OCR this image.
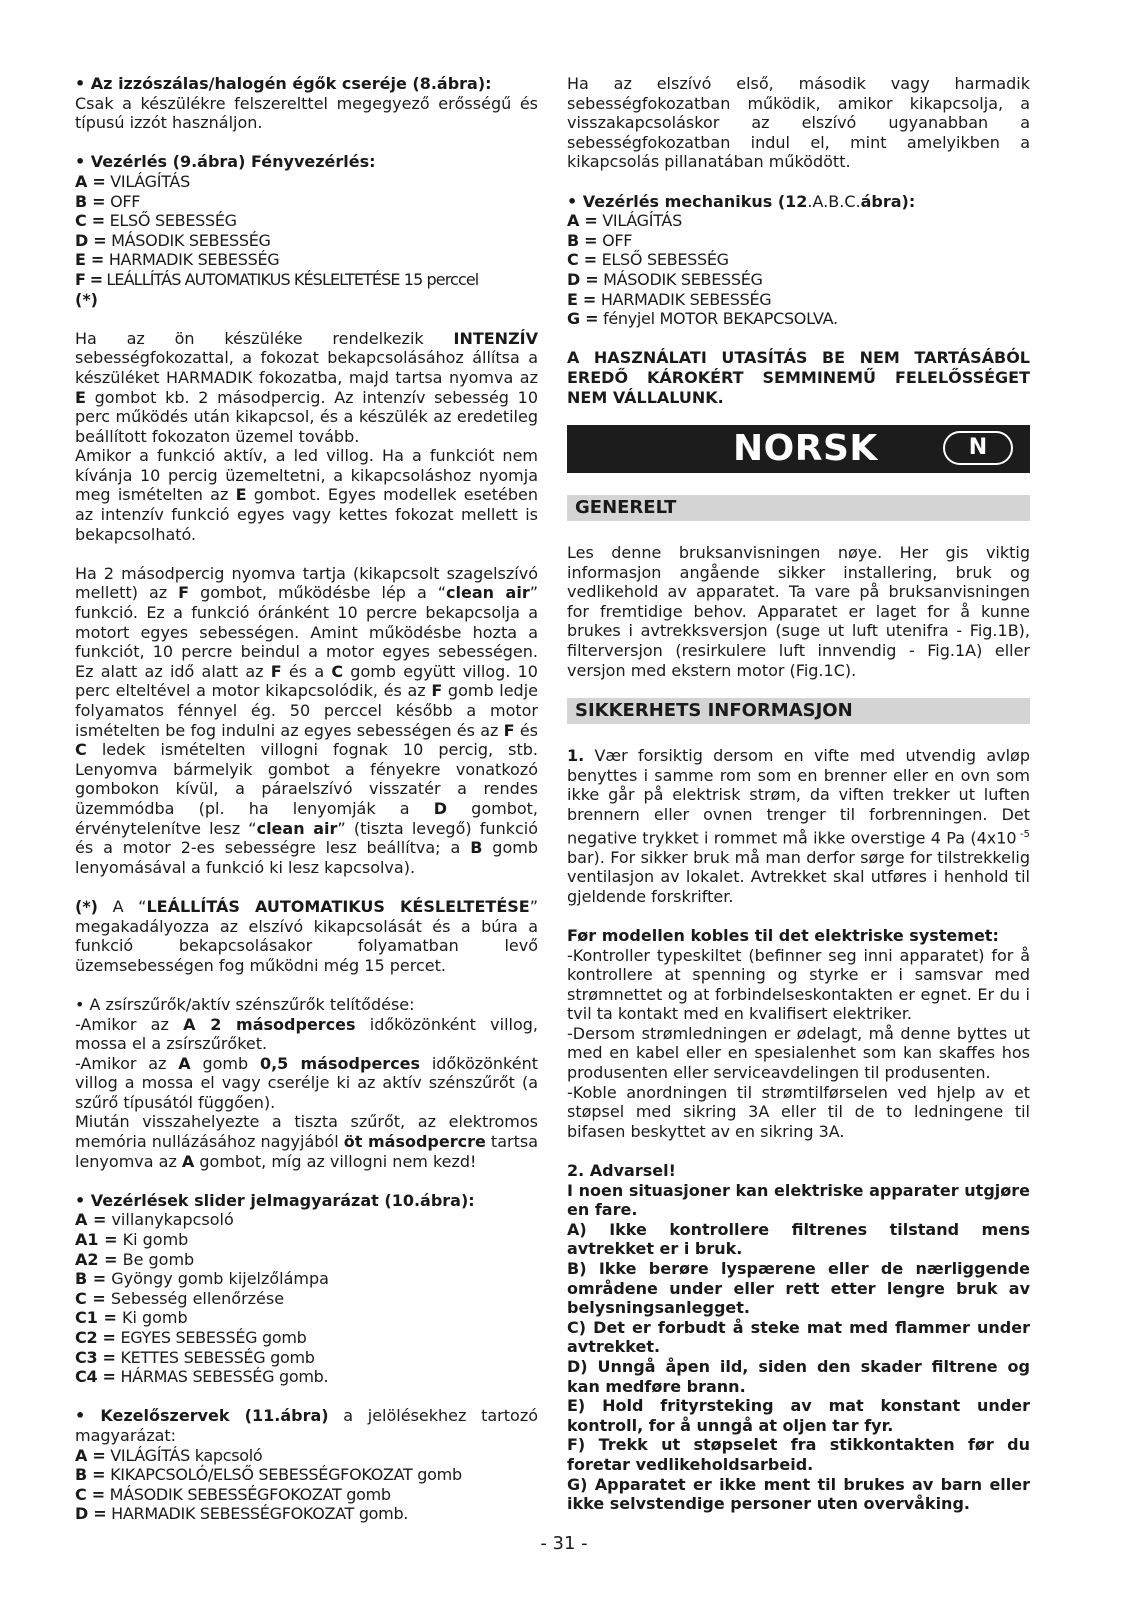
• Az izzószálas/halogén égők cseréje (8.ábra):

Csak a készülékre felszerelttel megegyező erősségű és típusú izzót használjon.

• Vezérlés (9.ábra) Fényvezérlés:

A = VILÁGÍTÁS

B = OFF

C = ELSŐ SEBESSÉG

D = MÁSODIK SEBESSÉG

E = HARMADIK SEBESSÉG

F = LEÁLLÍTÁS AUTOMATIKUS KÉSLELTETÉSE 15 perccel

(*)

Ha az ön készüléke rendelkezik INTENZÍV sebességfokozattal, a fokozat bekapcsolásához állítsa a készüléket HARMADIK fokozatba, majd tartsa nyomva az E gombot kb. 2 másodpercig. Az intenzív sebesség 10 perc működés után kikapcsol, és a készülék az eredetileg beállított fokozaton üzemel tovább.

Amikor a funkció aktív, a led villog. Ha a funkciót nem kívánja 10 percig üzemeltetni, a kikapcsoláshoz nyomja meg ismételten az E gombot. Egyes modellek esetében az intenzív funkció egyes vagy kettes fokozat mellett is bekapcsolható.

Ha 2 másodpercig nyomva tartja (kikapcsolt szagelszívó mellett) az F gombot, működésbe lép a “clean air” funkció. Ez a funkció óránként 10 percre bekapcsolja a motort egyes sebességen. Amint működésbe hozta a funkciót, 10 percre beindul a motor egyes sebességen. Ez alatt az idő alatt az F és a C gomb együtt villog. 10 perc elteltével a motor kikapcsolódik, és az F gomb ledje folyamatos fénnyel ég. 50 perccel később a motor ismételten be fog indulni az egyes sebességen és az F és C ledek ismételten villogni fognak 10 percig, stb. Lenyomva bármelyik gombot a fényekre vonatkozó gombokon kívül, a páraelszívó visszatér a rendes üzemmódba (pl. ha lenyomják a D gombot, érvénytelenítve lesz “clean air” (tiszta levegő) funkció és a motor 2-es sebességre lesz beállítva; a B gomb lenyomásával a funkció ki lesz kapcsolva).

(*) A “LEÁLLÍTÁS AUTOMATIKUS KÉSLELTETÉSE” megakadályozza az elszívó kikapcsolását és a búra a funkció bekapcsolásakor folyamatban levő üzemsebességen fog működni még 15 percet.

• A zsírszűrők/aktív szénszűrők telítődése:

-Amikor az A 2 másodperces időközönként villog, mossa el a zsírszűrőket.

-Amikor az A gomb 0,5 másodperces időközönként villog a mossa el vagy cserélje ki az aktív szénszűrőt (a szűrő típusától függően).

Miután visszahelyezte a tiszta szűrőt, az elektromos memória nullázásához nagyjából öt másodpercre tartsa lenyomva az A gombot, míg az villogni nem kezd!

• Vezérlések slider jelmagyarázat (10.ábra):

A = villanykapcsoló

A1 = Ki gomb

A2 = Be gomb

B = Gyöngy gomb kijelzőlámpa

C = Sebesség ellenőrzése

C1 = Ki gomb

C2 = EGYES SEBESSÉG gomb

C3 = KETTES SEBESSÉG gomb

C4 = HÁRMAS SEBESSÉG gomb.

• Kezelőszervek (11.ábra) a jelölésekhez tartozó magyarázat:

A = VILÁGÍTÁS kapcsoló

B = KIKAPCSOLÓ/ELSŐ SEBESSÉGFOKOZAT gomb

C = MÁSODIK SEBESSÉGFOKOZAT gomb

D = HARMADIK SEBESSÉGFOKOZAT gomb.

Ha az elszívó első, második vagy harmadik sebességfokozatban működik, amikor kikapcsolja, a visszakapcsoláskor az elszívó ugyanabban a sebességfokozatban indul el, mint amelyikben a kikapcsolás pillanatában működött.

• Vezérlés mechanikus (12.A.B.C.ábra):

A = VILÁGÍTÁS

B = OFF

C = ELSŐ SEBESSÉG

D = MÁSODIK SEBESSÉG

E = HARMADIK SEBESSÉG

G = fényjel MOTOR BEKAPCSOLVA.

A HASZNÁLATI UTASÍTÁS BE NEM TARTÁSÁBÓL EREDŐ KÁROKÉRT SEMMINEMŰ FELELŐSSÉGET NEM VÁLLALUNK.

NORSK	N
GENERELT

Les denne bruksanvisningen nøye. Her gis viktig informasjon angående sikker installering, bruk og vedlikehold av apparatet. Ta vare på bruksanvisningen for fremtidige behov. Apparatet er laget for å kunne brukes i avtrekksversjon (suge ut luft utenifra - Fig.1B), filterversjon (resirkulere luft innvendig - Fig.1A) eller versjon med ekstern motor (Fig.1C).

SIKKERHETS INFORMASJON

1. Vær forsiktig dersom en vifte med utvendig avløp benyttes i samme rom som en brenner eller en ovn som ikke går på elektrisk strøm, da viften trekker ut luften brennern eller ovnen trenger til forbrenningen. Det negative trykket i rommet må ikke overstige 4 Pa (4x10 $^{-5}$ bar). For sikker bruk må man derfor sørge for tilstrekkelig ventilasjon av lokalet. Avtrekket skal utføres i henhold til gjeldende forskrifter.

Før modellen kobles til det elektriske systemet:

-Kontroller typeskiltet (befinner seg inni apparatet) for å kontrollere at spenning og styrke er i samsvar med strømnettet og at forbindelseskontakten er egnet. Er du i tvil ta kontakt med en kvalifisert elektriker.

-Dersom strømledningen er ødelagt, må denne byttes ut med en kabel eller en spesialenhet som kan skaffes hos produsenten eller serviceavdelingen til produsenten.

-Koble anordningen til strømtilførselen ved hjelp av et støpsel med sikring 3A eller til de to ledningene til bifasen beskyttet av en sikring 3A.

2. Advarsel!

I noen situasjoner kan elektriske apparater utgjøre en fare.

A) Ikke kontrollere filtrenes tilstand mens avtrekket er i bruk.

B) Ikke berøre lyspærene eller de nærliggende områdene under eller rett etter lengre bruk av belysningsanlegget.

C) Det er forbudt å steke mat med flammer under avtrekket.

D) Unngå åpen ild, siden den skader filtrene og kan medføre brann.

E) Hold frityrsteking av mat konstant under kontroll, for å unngå at oljen tar fyr.

F) Trekk ut støpselet fra stikkontakten før du foretar vedlikeholdsarbeid.

G) Apparatet er ikke ment til brukes av barn eller ikke selvstendige personer uten overvåking.

- 31 -
